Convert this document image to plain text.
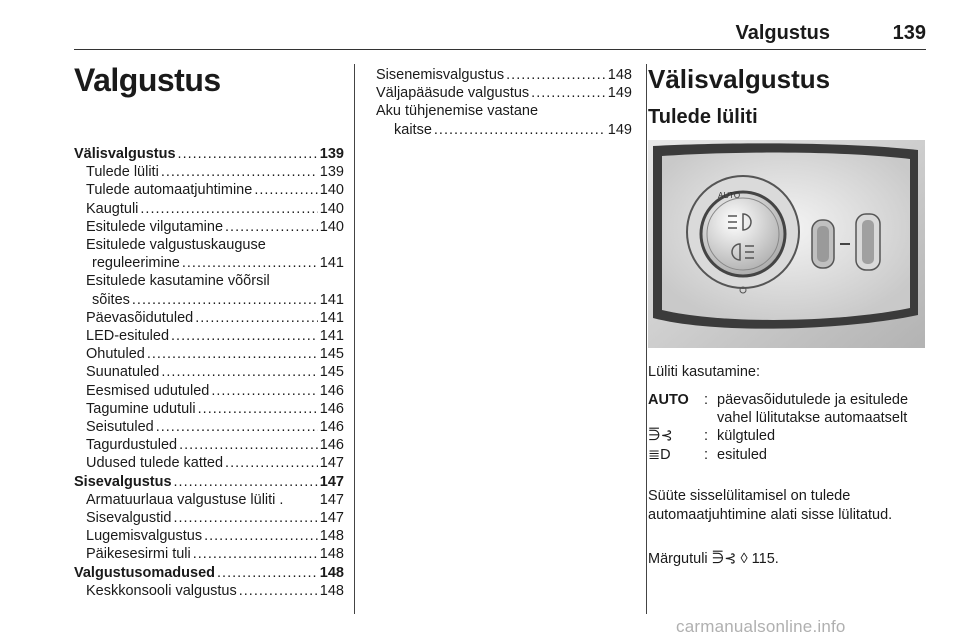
Valgustus	139
Valgustus
Välisvalgustus .....	139
Tulede lüliti .....	139
Tulede automaatjuhtimine .....	140
Kaugtuli .....	140
Esitulede vilgutamine .....	140
Esitulede valgustuskauguse
reguleerimine .....	141
Esitulede kasutamine võõrsil
sõites .....	141
Päevasõidutuled .....	141
LED-esituled .....	141
Ohutuled .....	145
Suunatuled .....	145
Eesmised udutuled .....	146
Tagumine udutuli .....	146
Seisutuled .....	146
Tagurdustuled .....	146
Udused tulede katted .....	147
Sisevalgustus .....	147
Armatuurlaua valgustuse lüliti .	147
Sisevalgustid .....	147
Lugemisvalgustus .....	148
Päikesesirmi tuli .....	148
Valgustusomadused .....	148
Keskkonsooli valgustus .....	148
Sisenemisvalgustus .....	148
Väljapääsude valgustus .....	149
Aku tühjenemise vastane
kaitse .....	149
Välisvalgustus
Tulede lüliti
AUTO
Lüliti kasutamine:
AUTO	: päevasõidutulede ja esitulede vahel lülitutakse automaatselt
⋽⊰	: külgtuled
≣D	: esituled
Süüte sisselülitamisel on tulede automaatjuhtimine alati sisse lülitatud.
Märgutuli ⋽⊰ ◊ 115.
carmanualsonline.info
